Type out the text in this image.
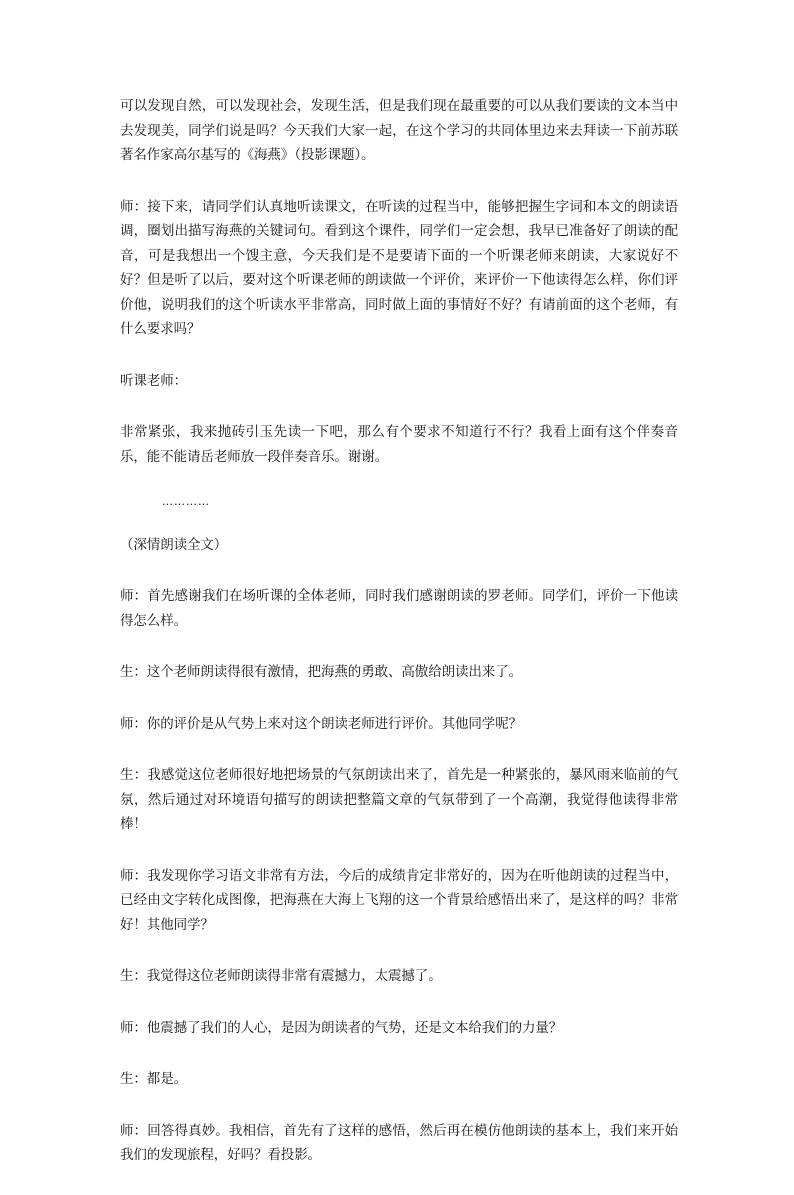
可以发现自然，可以发现社会，发现生活，但是我们现在最重要的可以从我们要读的文本当中去发现美，同学们说是吗？今天我们大家一起，在这个学习的共同体里边来去拜读一下前苏联著名作家高尔基写的《海燕》（投影课题）。

师：接下来，请同学们认真地听读课文，在听读的过程当中，能够把握生字词和本文的朗读语调，圈划出描写海燕的关键词句。看到这个课件，同学们一定会想，我早已准备好了朗读的配音，可是我想出一个馊主意，今天我们是不是要请下面的一个听课老师来朗读，大家说好不好？但是听了以后，要对这个听课老师的朗读做一个评价，来评价一下他读得怎么样，你们评价他，说明我们的这个听读水平非常高，同时做上面的事情好不好？有请前面的这个老师，有什么要求吗？

听课老师：

非常紧张，我来抛砖引玉先读一下吧，那么有个要求不知道行不行？我看上面有这个伴奏音乐，能不能请岳老师放一段伴奏音乐。谢谢。

…………

（深情朗读全文）

师：首先感谢我们在场听课的全体老师，同时我们感谢朗读的罗老师。同学们，评价一下他读得怎么样。

生：这个老师朗读得很有激情，把海燕的勇敢、高傲给朗读出来了。

师：你的评价是从气势上来对这个朗读老师进行评价。其他同学呢？

生：我感觉这位老师很好地把场景的气氛朗读出来了，首先是一种紧张的，暴风雨来临前的气氛，然后通过对环境语句描写的朗读把整篇文章的气氛带到了一个高潮，我觉得他读得非常棒！

师：我发现你学习语文非常有方法，今后的成绩肯定非常好的，因为在听他朗读的过程当中，已经由文字转化成图像，把海燕在大海上飞翔的这一个背景给感悟出来了，是这样的吗？非常好！其他同学？

生：我觉得这位老师朗读得非常有震撼力，太震撼了。

师：他震撼了我们的人心，是因为朗读者的气势，还是文本给我们的力量？

生：都是。

师：回答得真妙。我相信，首先有了这样的感悟，然后再在模仿他朗读的基本上，我们来开始我们的发现旅程，好吗？看投影。
